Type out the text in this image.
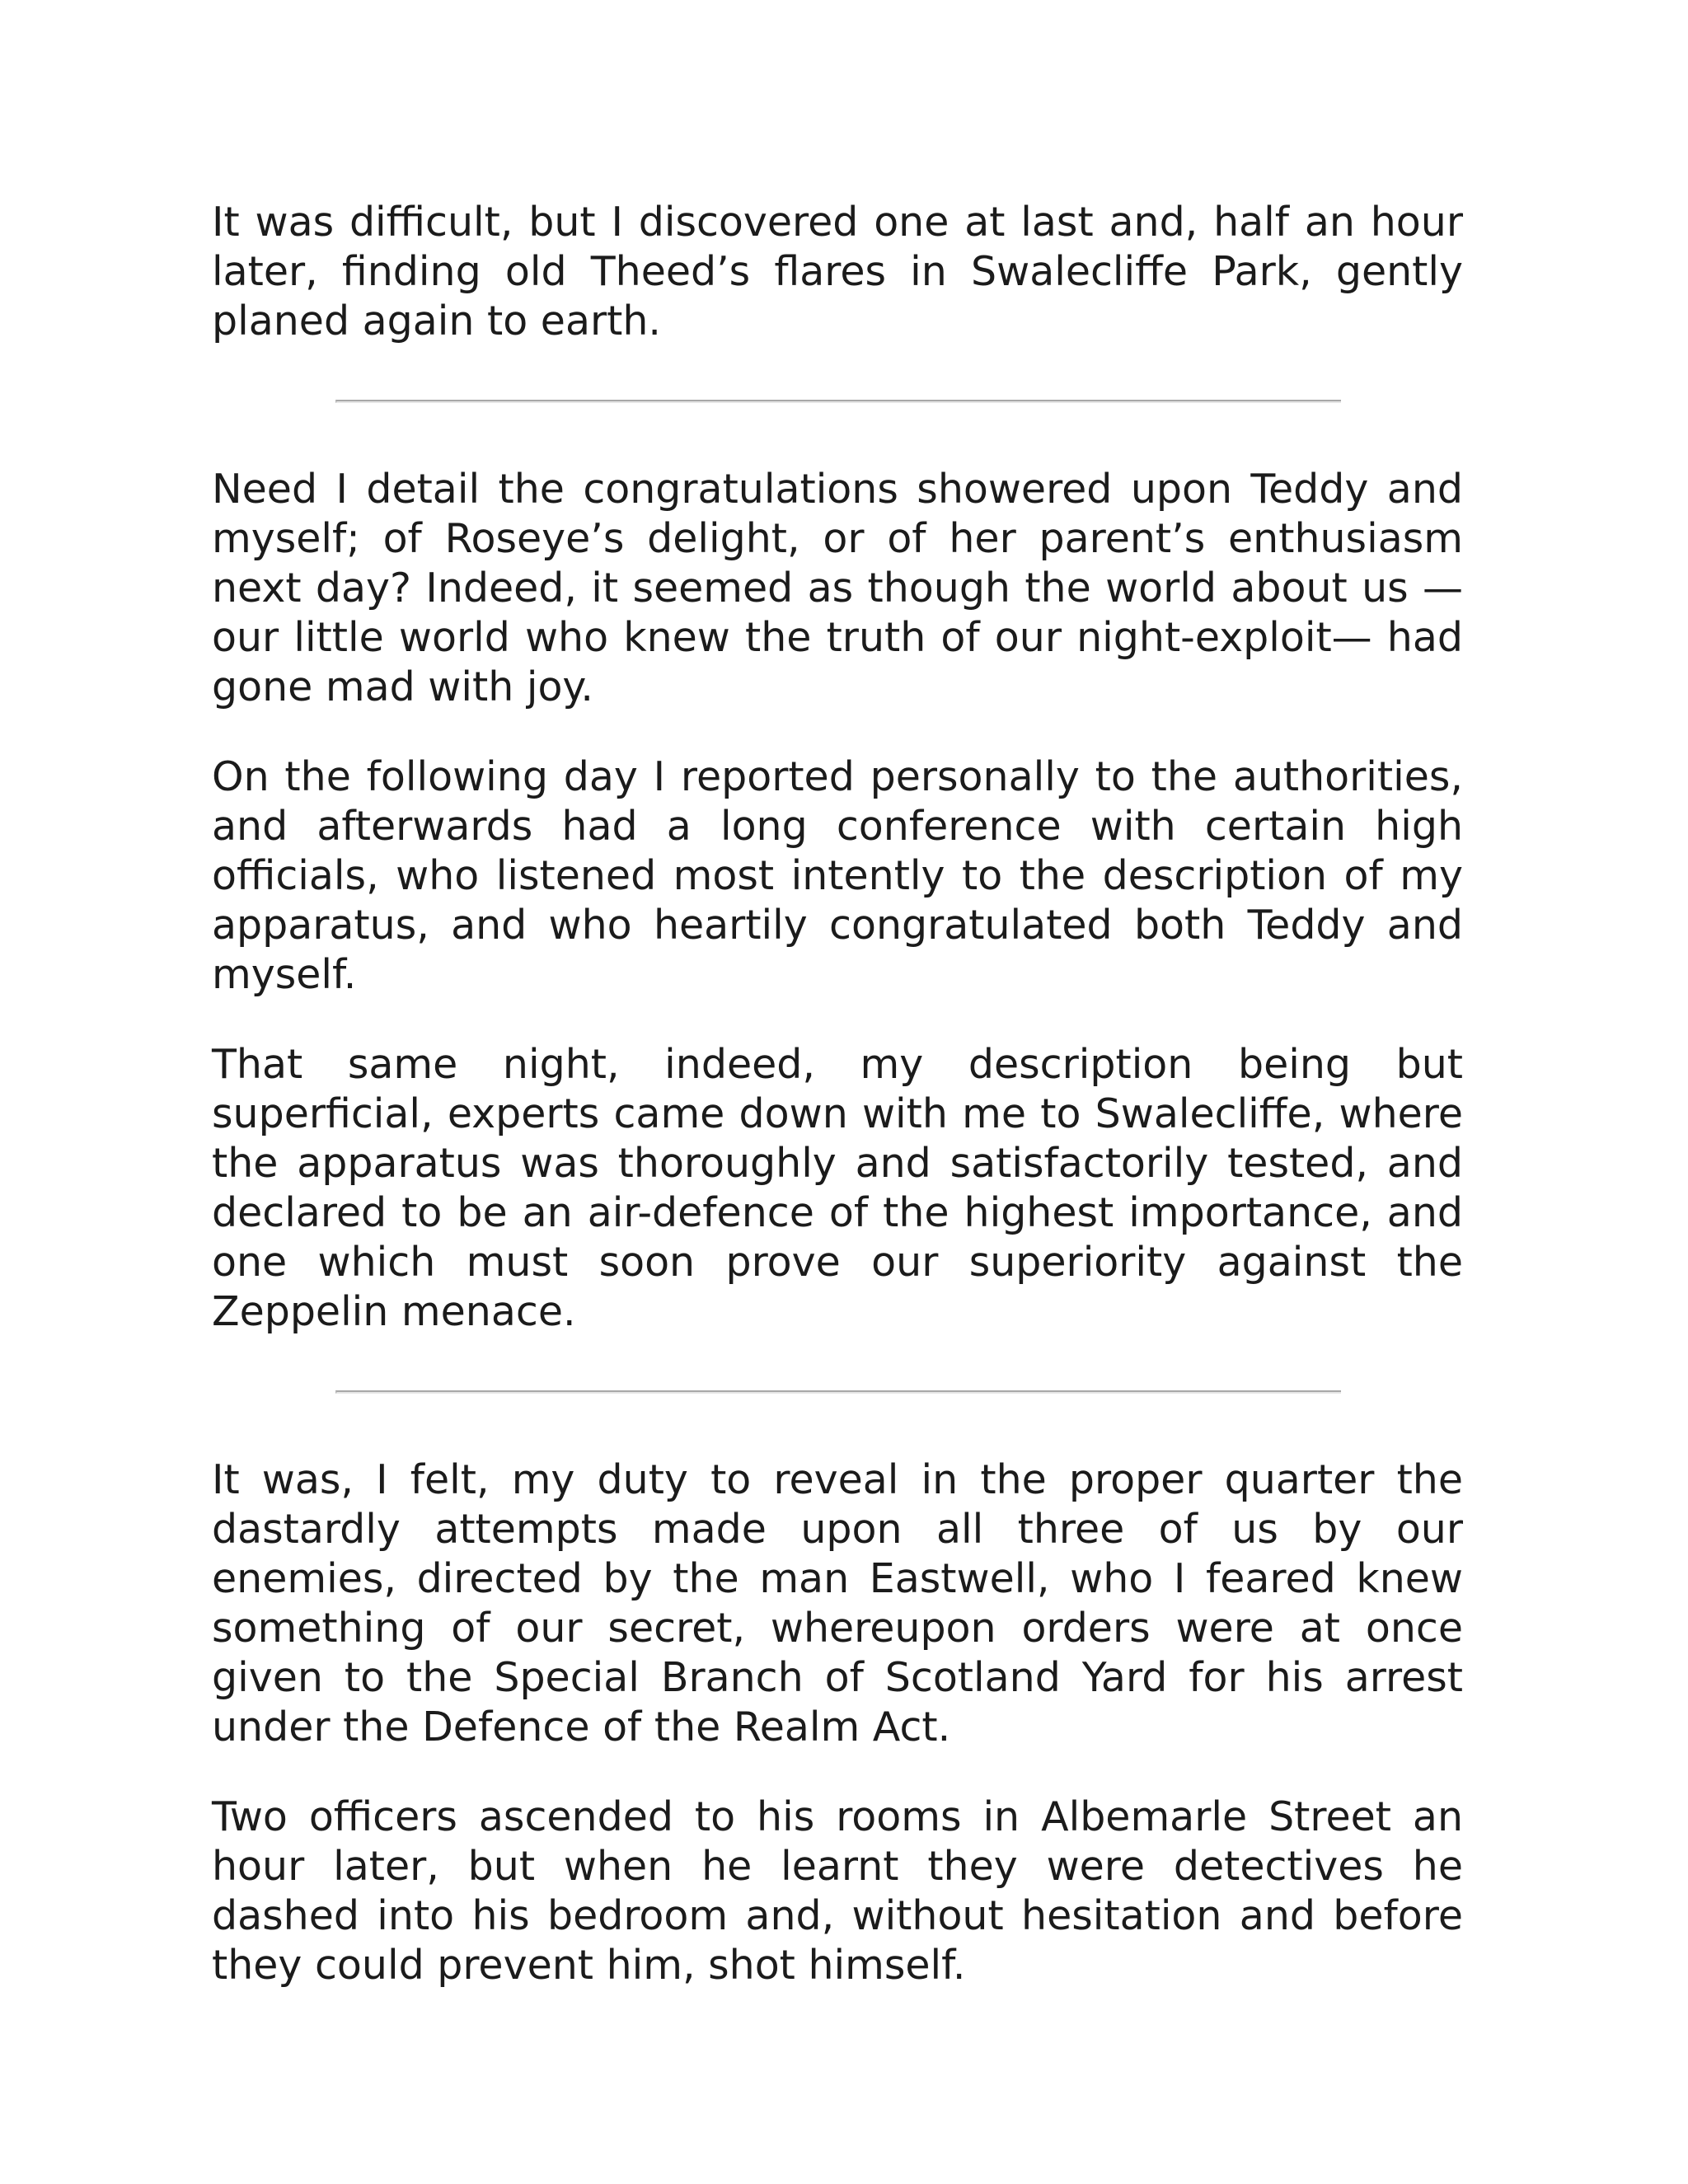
It was difficult, but I discovered one at last and, half an hour later, finding old Theed’s flares in Swalecliffe Park, gently planed again to earth.

Need I detail the congratulations showered upon Teddy and myself; of Roseye’s delight, or of her parent’s enthusiasm next day? Indeed, it seemed as though the world about us —our little world who knew the truth of our night-exploit— had gone mad with joy.

On the following day I reported personally to the authorities, and afterwards had a long conference with certain high officials, who listened most intently to the description of my apparatus, and who heartily congratulated both Teddy and myself.

That same night, indeed, my description being but superficial, experts came down with me to Swalecliffe, where the apparatus was thoroughly and satisfactorily tested, and declared to be an air-defence of the highest importance, and one which must soon prove our superiority against the Zeppelin menace.

It was, I felt, my duty to reveal in the proper quarter the dastardly attempts made upon all three of us by our enemies, directed by the man Eastwell, who I feared knew something of our secret, whereupon orders were at once given to the Special Branch of Scotland Yard for his arrest under the Defence of the Realm Act.

Two officers ascended to his rooms in Albemarle Street an hour later, but when he learnt they were detectives he dashed into his bedroom and, without hesitation and before they could prevent him, shot himself.
